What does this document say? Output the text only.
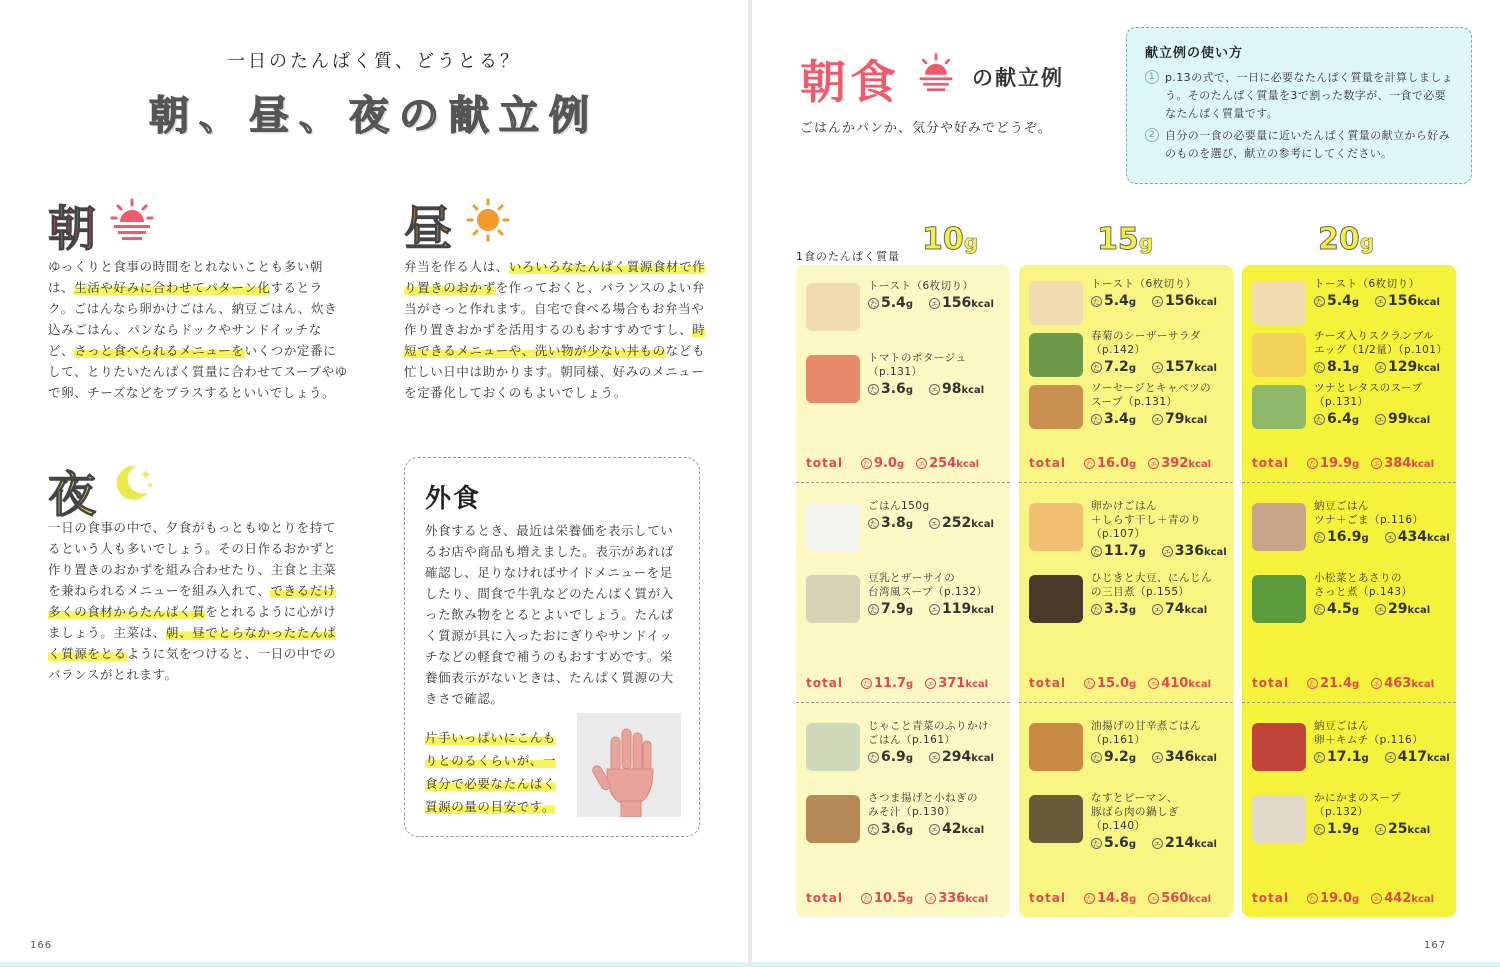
一日のたんぱく質、どうとる？
朝、昼、夜の献立例
朝

ゆっくりと食事の時間をとれないことも多い朝は、生活や好みに合わせてパターン化するとラク。ごはんなら卵かけごはん、納豆ごはん、炊き込みごはん、パンならドックやサンドイッチなど、さっと食べられるメニューをいくつか定番にして、とりたいたんぱく質量に合わせてスープやゆで卵、チーズなどをプラスするといいでしょう。

昼

弁当を作る人は、いろいろなたんぱく質源食材で作り置きのおかずを作っておくと、バランスのよい弁当がさっと作れます。自宅で食べる場合もお弁当や作り置きおかずを活用するのもおすすめですし、時短できるメニューや、洗い物が少ない丼ものなども忙しい日中は助かります。朝同様、好みのメニューを定番化しておくのもよいでしょう。

夜

一日の食事の中で、夕食がもっともゆとりを持てるという人も多いでしょう。その日作るおかずと作り置きのおかずを組み合わせたり、主食と主菜を兼ねられるメニューを組み入れて、できるだけ多くの食材からたんぱく質をとれるように心がけましょう。主菜は、朝、昼でとらなかったたんぱく質源をとるように気をつけると、一日の中でのバランスがとれます。

外食

外食するとき、最近は栄養価を表示しているお店や商品も増えました。表示があれば確認し、足りなければサイドメニューを足したり、間食で牛乳などのたんぱく質が入った飲み物をとるとよいでしょう。たんぱく質源が具に入ったおにぎりやサンドイッチなどの軽食で補うのもおすすめです。栄養価表示がないときは、たんぱく質源の大きさで確認。

片手いっぱいにこんもりとのるくらいが、一食分で必要なたんぱく質源の量の目安です。

166
朝食	の献立例
ごはんかパンか、気分や好みでどうぞ。
献立例の使い方
1 p.13の式で、一日に必要なたんぱく質量を計算しましょう。そのたんぱく質量を3で割った数字が、一食で必要なたんぱく質量です。
2 自分の一食の必要量に近いたんぱく質量の献立から好みのものを選び、献立の参考にしてください。
1食のたんぱく質量 10g
トースト（6枚切り）
た 5.4g	エ 156kcal
トマトのポタージュ
（p.131）
た 3.6g	エ 98kcal
total	た 9.0g エ 254kcal
ごはん150g
た 3.8g	エ 252kcal
豆乳とザーサイの
台湾風スープ（p.132）
た 7.9g	エ 119kcal
total	た 11.7g エ 371kcal
じゃこと青菜のふりかけ
ごはん（p.161）
た 6.9g	エ 294kcal
さつま揚げと小ねぎの
みそ汁（p.130）
た 3.6g	エ 42kcal
total	た 10.5g エ 336kcal
15g
トースト（6枚切り）
た 5.4g	エ 156kcal
春菊のシーザーサラダ
（p.142）
た 7.2g	エ 157kcal
ソーセージとキャベツの
スープ（p.131）
た 3.4g	エ 79kcal
total	た 16.0g エ 392kcal
卵かけごはん
＋しらす干し＋青のり
（p.107）
た 11.7g	エ 336kcal
ひじきと大豆、にんじん
の三目煮（p.155）
た 3.3g	エ 74kcal
total	た 15.0g エ 410kcal
油揚げの甘辛煮ごはん
（p.161）
た 9.2g	エ 346kcal
なすとピーマン、
豚ばら肉の鍋しぎ
（p.140）
た 5.6g	エ 214kcal
total	た 14.8g エ 560kcal
20g
トースト（6枚切り）
た 5.4g	エ 156kcal
チーズ入りスクランブル
エッグ（1/2量）（p.101）
た 8.1g	エ 129kcal
ツナとレタスのスープ
（p.131）
た 6.4g	エ 99kcal
total	た 19.9g エ 384kcal
納豆ごはん
ツナ＋ごま（p.116）
た 16.9g	エ 434kcal
小松菜とあさりの
さっと煮（p.143）
た 4.5g	エ 29kcal
total	た 21.4g エ 463kcal
納豆ごはん
卵＋キムチ（p.116）
た 17.1g	エ 417kcal
かにかまのスープ
（p.132）
た 1.9g	エ 25kcal
total	た 19.0g エ 442kcal
167
